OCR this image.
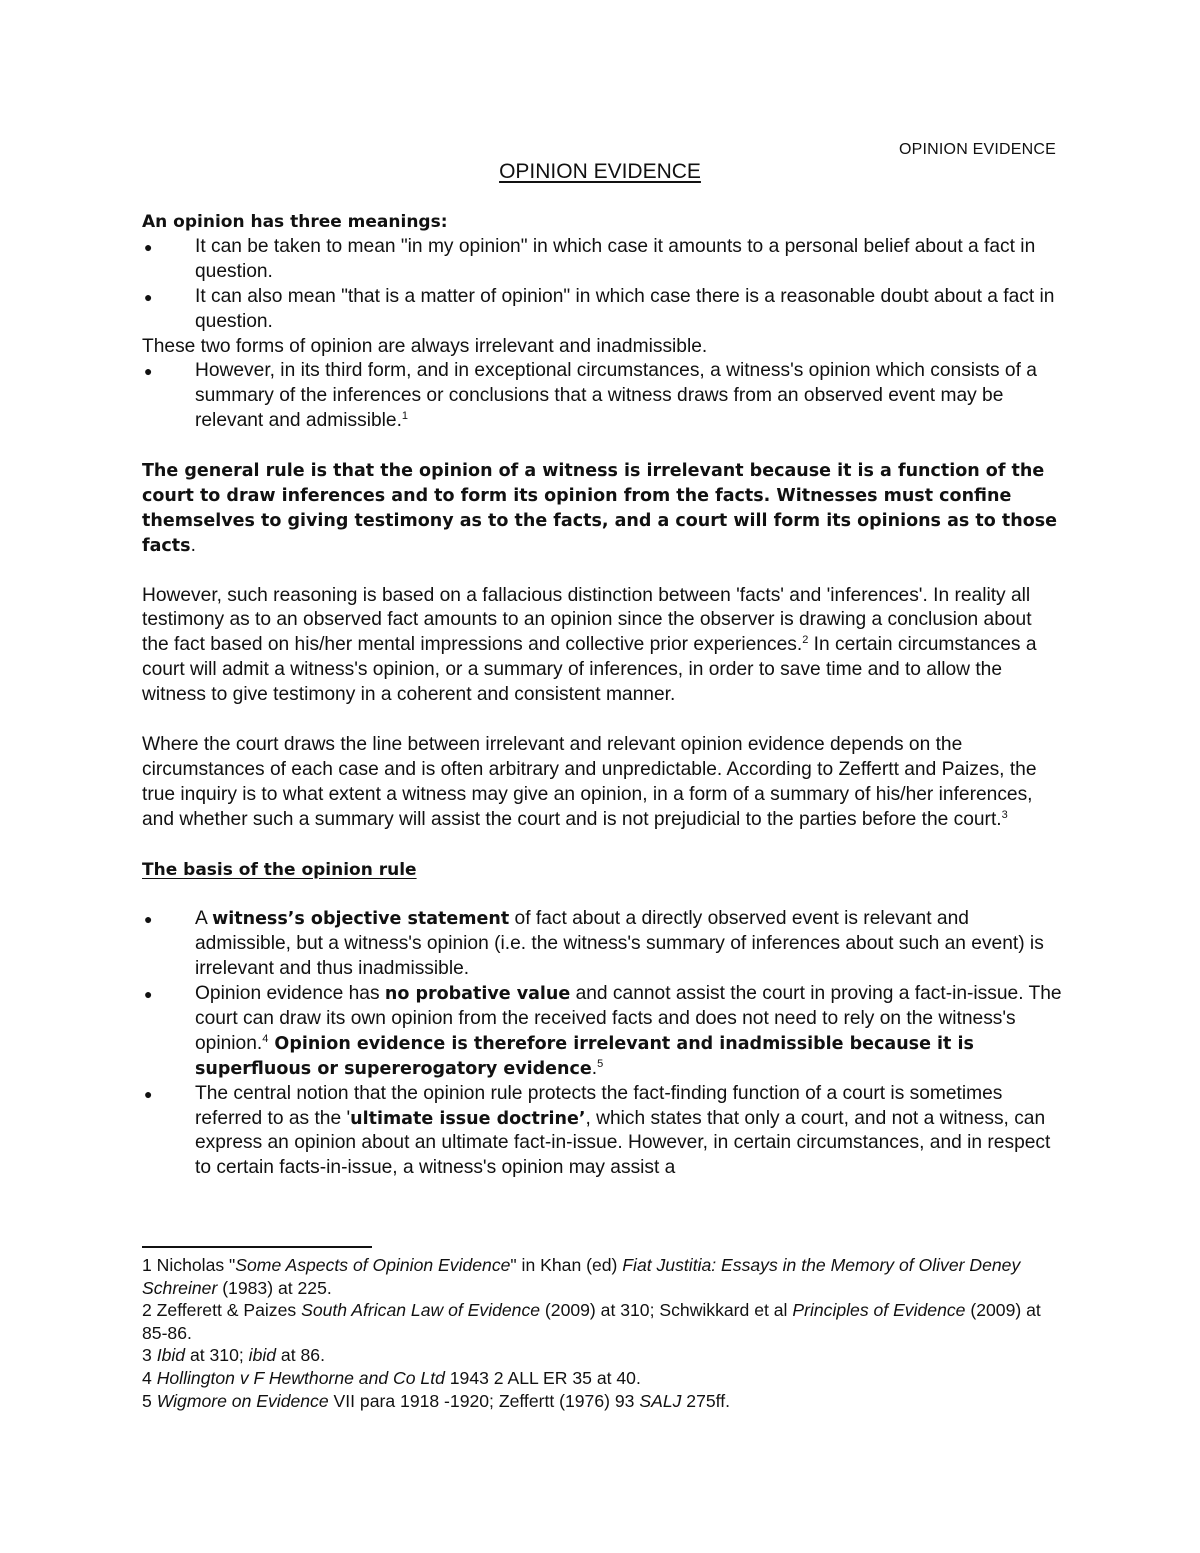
OPINION EVIDENCE
OPINION EVIDENCE

An opinion has three meanings:

● It can be taken to mean "in my opinion" in which case it amounts to a personal belief about a fact in question.
● It can also mean "that is a matter of opinion" in which case there is a reasonable doubt about a fact in question.

These two forms of opinion are always irrelevant and inadmissible.

● However, in its third form, and in exceptional circumstances, a witness's opinion which consists of a summary of the inferences or conclusions that a witness draws from an observed event may be relevant and admissible.$^1$

The general rule is that the opinion of a witness is irrelevant because it is a function of the court to draw inferences and to form its opinion from the facts. Witnesses must confine themselves to giving testimony as to the facts, and a court will form its opinions as to those facts.

However, such reasoning is based on a fallacious distinction between 'facts' and 'inferences'. In reality all testimony as to an observed fact amounts to an opinion since the observer is drawing a conclusion about the fact based on his/her mental impressions and collective prior experiences.$^2$ In certain circumstances a court will admit a witness's opinion, or a summary of inferences, in order to save time and to allow the witness to give testimony in a coherent and consistent manner.

Where the court draws the line between irrelevant and relevant opinion evidence depends on the circumstances of each case and is often arbitrary and unpredictable. According to Zeffertt and Paizes, the true inquiry is to what extent a witness may give an opinion, in a form of a summary of his/her inferences, and whether such a summary will assist the court and is not prejudicial to the parties before the court.$^3$

The basis of the opinion rule

● A witness’s objective statement of fact about a directly observed event is relevant and admissible, but a witness's opinion (i.e. the witness's summary of inferences about such an event) is irrelevant and thus inadmissible.
● Opinion evidence has no probative value and cannot assist the court in proving a fact-in-issue. The court can draw its own opinion from the received facts and does not need to rely on the witness's opinion.$^4$ Opinion evidence is therefore irrelevant and inadmissible because it is superfluous or supererogatory evidence.$^5$
● The central notion that the opinion rule protects the fact-finding function of a court is sometimes referred to as the 'ultimate issue doctrine’, which states that only a court, and not a witness, can express an opinion about an ultimate fact-in-issue. However, in certain circumstances, and in respect to certain facts-in-issue, a witness's opinion may assist a

1 Nicholas "Some Aspects of Opinion Evidence" in Khan (ed) Fiat Justitia: Essays in the Memory of Oliver Deney Schreiner (1983) at 225.

2 Zefferett & Paizes South African Law of Evidence (2009) at 310; Schwikkard et al Principles of Evidence (2009) at 85-86.

3 Ibid at 310; ibid at 86.

4 Hollington v F Hewthorne and Co Ltd 1943 2 ALL ER 35 at 40.

5 Wigmore on Evidence VII para 1918 -1920; Zeffertt (1976) 93 SALJ 275ff.
